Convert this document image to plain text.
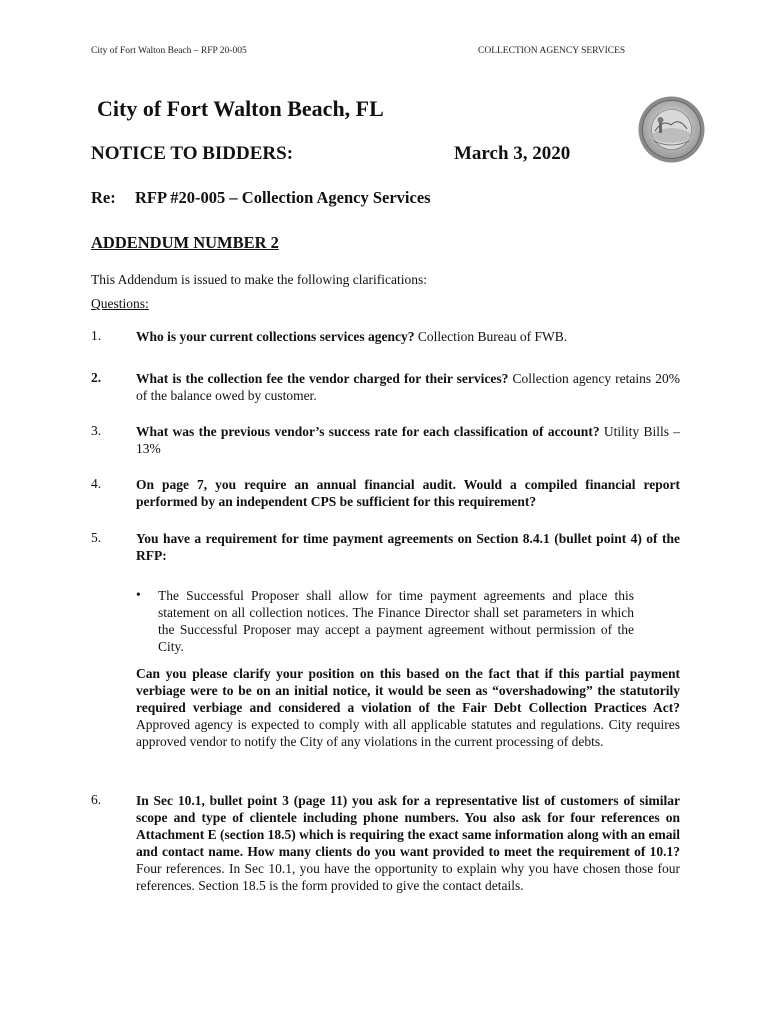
City of Fort Walton Beach – RFP 20-005	COLLECTION AGENCY SERVICES
City of Fort Walton Beach, FL
NOTICE TO BIDDERS:	March 3, 2020
Re: RFP #20-005 – Collection Agency Services
ADDENDUM NUMBER 2
This Addendum is issued to make the following clarifications:
Questions:
1.	Who is your current collections services agency? Collection Bureau of FWB.
2.	What is the collection fee the vendor charged for their services? Collection agency retains 20% of the balance owed by customer.
3.	What was the previous vendor’s success rate for each classification of account? Utility Bills – 13%
4.	On page 7, you require an annual financial audit. Would a compiled financial report performed by an independent CPS be sufficient for this requirement?
5.	You have a requirement for time payment agreements on Section 8.4.1 (bullet point 4) of the RFP:
• The Successful Proposer shall allow for time payment agreements and place this statement on all collection notices. The Finance Director shall set parameters in which the Successful Proposer may accept a payment agreement without permission of the City.
Can you please clarify your position on this based on the fact that if this partial payment verbiage were to be on an initial notice, it would be seen as “overshadowing” the statutorily required verbiage and considered a violation of the Fair Debt Collection Practices Act? Approved agency is expected to comply with all applicable statutes and regulations. City requires approved vendor to notify the City of any violations in the current processing of debts.
6.	In Sec 10.1, bullet point 3 (page 11) you ask for a representative list of customers of similar scope and type of clientele including phone numbers. You also ask for four references on Attachment E (section 18.5) which is requiring the exact same information along with an email and contact name. How many clients do you want provided to meet the requirement of 10.1? Four references. In Sec 10.1, you have the opportunity to explain why you have chosen those four references. Section 18.5 is the form provided to give the contact details.
